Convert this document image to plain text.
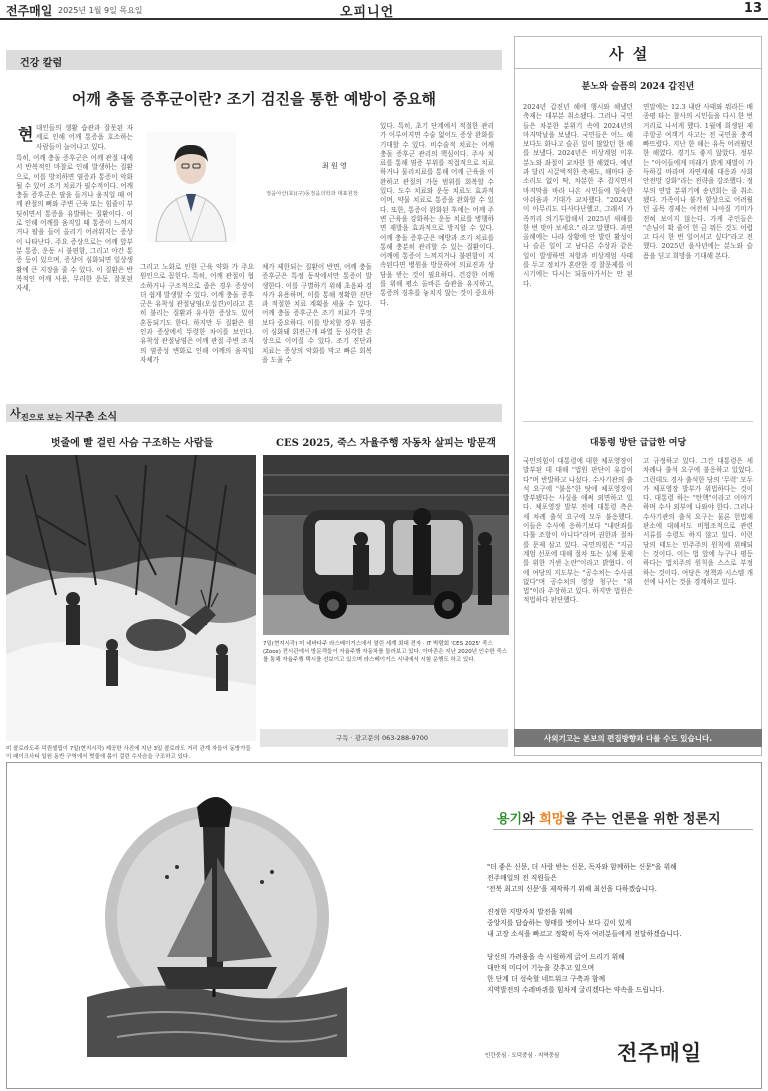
전주매일 2025년 1월 9일 목요일	오피니언	13
건강 칼럼
어깨 충돌 증후군이란? 조기 검진을 통한 예방이 중요해
현 대인들의 생활 습관과 잘못된 자세로 인해 어깨 통증을 호소하는 사람들이 늘어나고 있다.
특히, 어깨 충돌 증후군은 어깨 관절 내에서 반복적인 마찰로 인해 발생하는 질환으로, 이를 방치하면 염증과 통증이 악화될 수 있어 조기 치료가 필수적이다. 어깨 충돌 증후군은 팔을 들거나 움직일 때 어깨 관절의 뼈와 주변 근육 또는 힘줄이 부딪히면서 통증을 유발하는 질환이다. 이로 인해 어깨를 움직일 때 통증이 느껴지거나 팔을 들어 올리기 어려워지는 증상이 나타난다. 주요 증상으로는 어깨 앞부분 통증, 운동 시 불편함, 그리고 야간 통증 등이 있으며, 증상이 심화되면 일상생활에 큰 지장을 줄 수 있다. 이 질환은 반복적인 어깨 사용, 무리한 운동, 잘못된 자세,
최 원 영
정읍아산(효)(구)동정읍의학과 대표원장
그리고 노화로 인한 근육 약화 가 주요 원인으로 꼽힌다. 특히, 어깨 관절이 협소하거나 구조적으로 좁은 경우 증상이 더 쉽게 발생할 수 있다. 어깨 충돌 증후군은 유착성 관절낭염(오십견)이라고 흔히 불리는 질환과 유사한 증상도 있어 혼동되기도 한다. 하지만 두 질환은 원인과 증상에서 뚜렷한 차이를 보인다. 유착성 관절낭염은 어깨 관절 주변 조직의 염증성 변화로 인해 어깨의 움직임 자체가
체가 제한되는 질환이 반면, 어깨 충돌 증후군은 특정 동작에서만 통증이 발생한다. 이를 구별하기 위해 초음파 검사가 유용하며, 이를 통해 정확한 진단과 적절한 치료 계획을 세울 수 있다. 어깨 충돌 증후군은 조기 치료가 무엇보다 중요하다. 이를 방치할 경우 염증이 심화돼 회전근개 파열 등 심각한 손상으로 이어질 수 있다. 조기 진단과 치료는 증상의 악화를 막고 빠른 회복을 도울 수
있다. 특히, 초기 단계에서 적절한 관리가 이루어지면 수술 없이도 증상 완화를 기대할 수 있다. 비수술적 치료는 어깨 충돌 증후군 관리의 핵심이다. 주사 치료를 통해 염증 부위를 직접적으로 치료하거나 물리치료를 통해 어깨 근육을 이완하고 관절의 가동 범위를 회복할 수 있다. 도수 치료와 운동 치료도 효과적이며, 약물 치료로 통증을 완화할 수 있다. 또한, 통증이 완화된 후에는 어깨 주변 근육을 강화하는 운동 치료를 병행하면 재발을 효과적으로 방지할 수 있다. 어깨 충돌 증후군은 예방과 조기 치료를 통해 충분히 관리할 수 있는 질환이다. 어깨에 통증이 느껴지거나 불편함이 지속된다면 병원을 방문하여 의료진과 상담을 받는 것이 필요하다. 건강한 어깨를 위해 평소 올바른 습관을 유지하고, 통증의 징후를 놓치지 않는 것이 중요하다.
사 설
분노와 슬픔의 2024 갑진년
2024년 갑진년 해에 행시와 해냈던 축제는 대부분 취소됐다. 그러나 국민들은 차분한 분위기 속에 2024년의 마지막날을 보냈다. 국민들은 어느 해보다도 화나고 슬픈 일이 많았던 한 해를 보냈다. 2024년은 비상계엄 이후 분노와 좌절이 교차한 한 해였다. 예년과 달리 시끌벅적한 축제도, 해마다 종소리도 없이 딱, 차분한 추 잡지면서 마지막을 바라 나온 시민들에 엄숙한 아쉬움과 기대가 교차했다. "2024년이 아무리도 다사다난했고, 그래서 가족끼리 의기투합해서 2025년 새해를 한 번 맞아 보세요." 라고 말했다. 과연 올해에는 나라 상황에 안 발린 활성이나 슬픈 일이 고 남다른 수상과 같은 일이 발생하면 저항과 비상계엄 사태를 두고 정치가 혼란한 경 찰문제를 이 시기에는 다시는 되돌아가서는 안 된다.
연말에는 12.3 내란 사태와 뭐라든 배종평 타는 참사의 시민들을 다시 한 번 거리로 나서게 했다. 1월에 희생된 제주항공 여객기 사고는 전 국민을 충격 빠뜨렸다. 지난 한 해는 유독 어려웠던 한 해였다. 경기도 좋지 않았다. 정부는 "아이들에게 미래가 밝게 재벌이 가득하길 바라며 자연재해 대응과 사회 안전망 강화"라는 전략을 강조했다. 정부의 연말 분위기에 송년회는 줄 취소됐다. 가족이나 불가 함상으로 어려웠던 골목 경제는 여전히 나아질 기미가 전혀 보이지 않는다. 가게 주인들은 "손님이 확 줄어 헌 금 뭐든 것도 어렵고 다시 한 번 일어서고 싶다"라고 전했다. 2025년 을사년에는 분노와 슬픔을 딛고 희망을 기대해 본다.
대통령 방탄 급급한 여당
국민의힘이 대통령에 대한 체포영장이 발부된 데 대해 "법원 판단이 유감이다"며 반발하고 나섰다. 수사기관의 출석 요구에 "불응"한 탓에 체포영장이 발부됐다는 사실을 애써 외면하고 있다. 체포영장 발부 전에 대통령 측은 세 차례 출석 요구에 모두 불응했다. 이들은 수사에 응하기보다 "내란죄를 다툴 조항이 아니다"라며 권한과 절차를 문제 삼고 있다. 국민의힘은 "지금 계엄 선포에 대해 절차 또는 실체 문제를 위한 거센 논란"이라고 밝혔다. 이에 여당의 지도부는 "공수처는 수사권 없다"며 공수처의 영장 청구는 "위법"이라 주장하고 있다. 하지만 법원은 적법하다 판단했다.
고 규정하고 있다. 그간 대통령은 세 차례나 출석 요구에 불응하고 있었다. 그런데도 경사 출석한 당의 '무력' 모두가 체포영장 발부가 위법하다는 것이다. 대통령 하는 "탄핵"이라고 이야기하며 수사 외부에 나와야 한다. 그러나 수사기관의 출석 요구는 물론 헌법재판소에 대해서도 비협조적으로 관련 서류를 수령도 하지 않고 있다. 이런 당의 태도는 민주주의 원칙에 위배되는 것이다. 이는 법 앞에 누구나 평등하다는 법치주의 원칙을 스스로 부정하는 것이다. 여당은 정책과 시스템 개선에 나서는 것을 경계하고 있다.
사 진으로 보는 지구촌 소식
벗줄에 빨 걸린 사슴 구조하는 사람들	CES 2025, 죽스 자율주행 자동차 살피는 방문객
미 콜로라도주 덕퀀셀립이 7일(현지시각) 제공한 사진에 지난 3일 콜로라도 거리 관계 자들이 동방가들이 래이크사티 일원 동반 구역에서 벗줄에 몸이 걸린 수사슴을 구조하고 있다.
7일(현지시각) 미 네바다주 라스베이거스에서 열린 세계 최대 전자 · IT 박람회 'CES 2025' 죽스(Zoox) 전시관에서 방문객들이 자율주행 자동차를 둘러보고 있다. 아마존은 지난 2020년 인수한 죽스를 통해 자율주행 택시를 선보이고 있으며 라스베이거스 시내에서 시험 운행도 하고 있다.
구독 · 광고문의 063-288-9700	사외기고는 본보의 편집방향과 다를 수도 있습니다.
용기와 희망을 주는 언론을 위한 정론지
"더 좋은 신문, 더 사랑 받는 신문, 독자와 함께하는 신문"을 위해
전주매일의 전 직원들은
'전북 최고의 신문'을 제작하기 위해 최선을 다하겠습니다.
진정한 지방자치 발전을 위해
중앙지를 답습하는 형태를 벗어나 보다 깊이 있게
내 고장 소식을 빠르고 정확히 독자 여러분들에게 전달하겠습니다.
당신의 가려움을 속 시원하게 긁어 드리기 위해
대안적 미디어 기능을 갖추고 있으며
한 단계 더 성숙할 네트워크 구축과 함께
지역발전의 수레바퀴를 힘차게 굴리겠다는 약속을 드립니다.
인간중심 · 도덕중심 · 지역중심	전주매일
